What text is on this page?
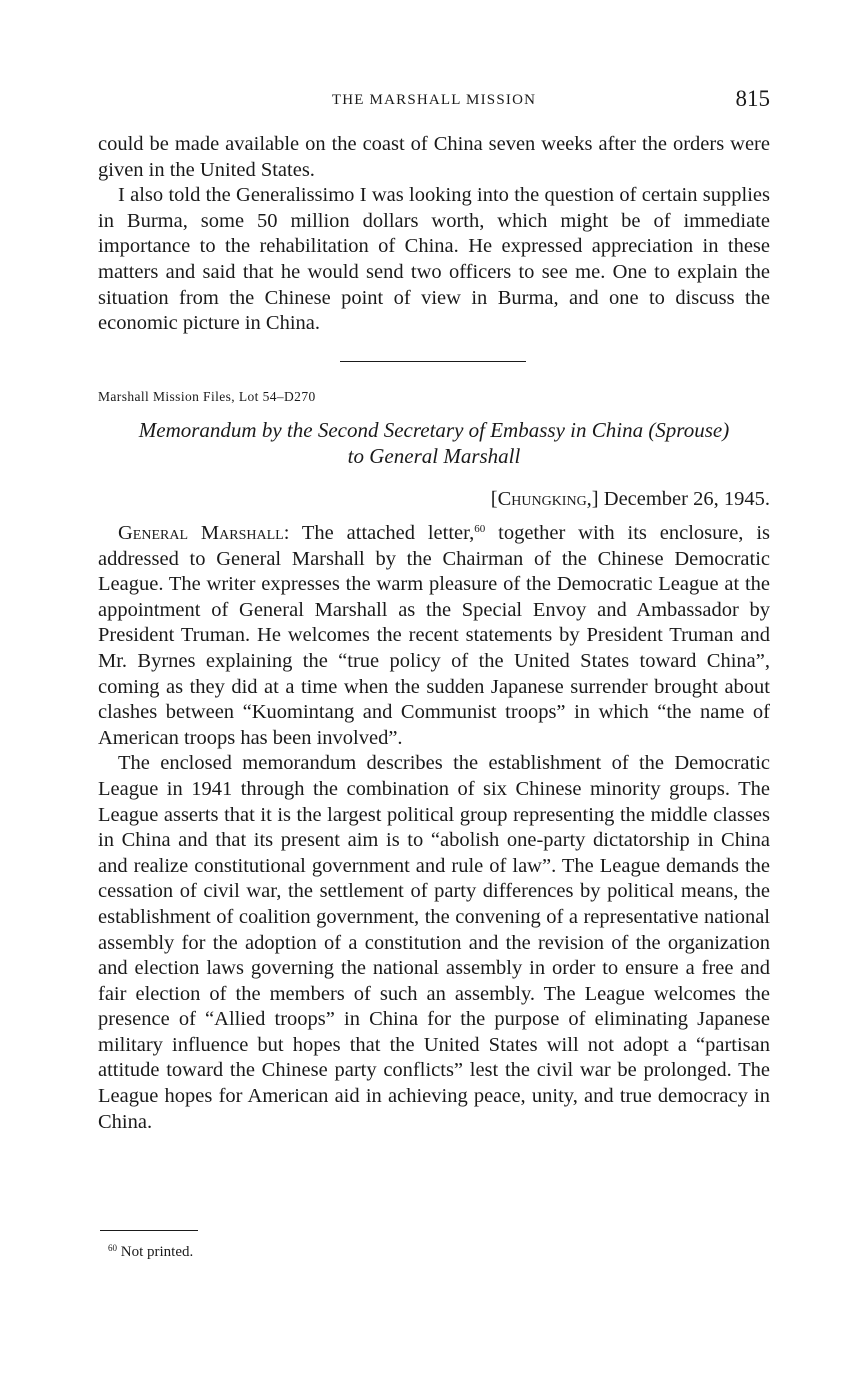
THE MARSHALL MISSION	815

could be made available on the coast of China seven weeks after the orders were given in the United States.

I also told the Generalissimo I was looking into the question of certain supplies in Burma, some 50 million dollars worth, which might be of immediate importance to the rehabilitation of China. He expressed appreciation in these matters and said that he would send two officers to see me. One to explain the situation from the Chinese point of view in Burma, and one to discuss the economic picture in China.

Marshall Mission Files, Lot 54–D270
Memorandum by the Second Secretary of Embassy in China (Sprouse)
to General Marshall
[Chungking,] December 26, 1945.

General Marshall: The attached letter,$^{60}$ together with its enclosure, is addressed to General Marshall by the Chairman of the Chinese Democratic League. The writer expresses the warm pleasure of the Democratic League at the appointment of General Marshall as the Special Envoy and Ambassador by President Truman. He welcomes the recent statements by President Truman and Mr. Byrnes explaining the “true policy of the United States toward China”, coming as they did at a time when the sudden Japanese surrender brought about clashes between “Kuomintang and Communist troops” in which “the name of American troops has been involved”.

The enclosed memorandum describes the establishment of the Democratic League in 1941 through the combination of six Chinese minority groups. The League asserts that it is the largest political group representing the middle classes in China and that its present aim is to “abolish one-party dictatorship in China and realize constitutional government and rule of law”. The League demands the cessation of civil war, the settlement of party differences by political means, the establishment of coalition government, the convening of a representative national assembly for the adoption of a constitution and the revision of the organization and election laws governing the national assembly in order to ensure a free and fair election of the members of such an assembly. The League welcomes the presence of “Allied troops” in China for the purpose of eliminating Japanese military influence but hopes that the United States will not adopt a “partisan attitude toward the Chinese party conflicts” lest the civil war be prolonged. The League hopes for American aid in achieving peace, unity, and true democracy in China.

$^{60}$ Not printed.
